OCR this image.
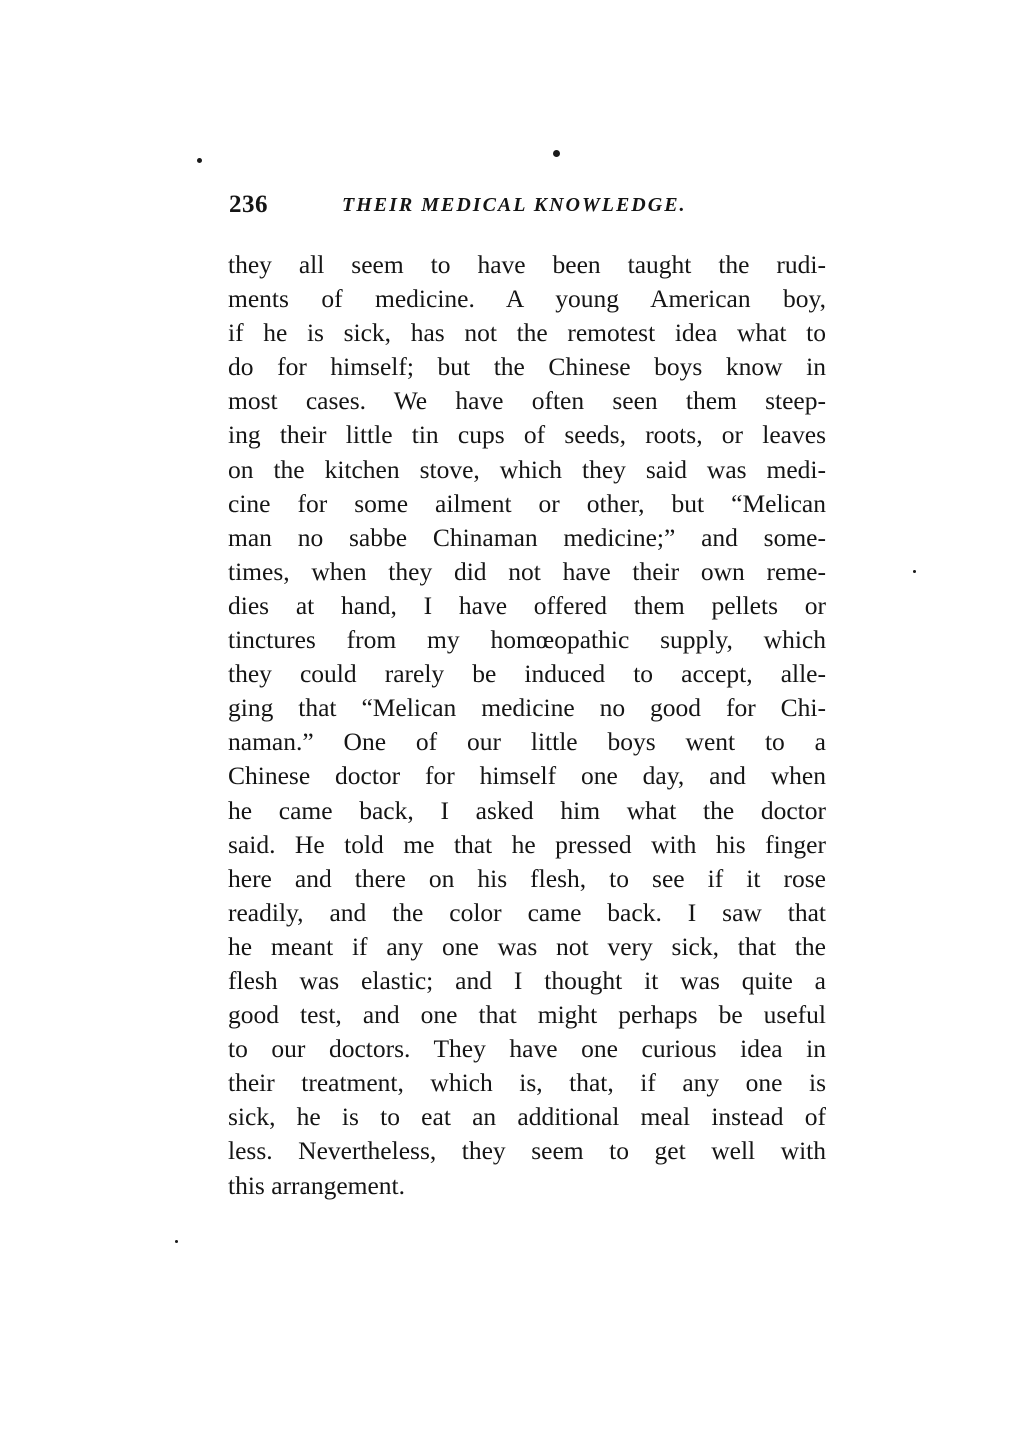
236	THEIR MEDICAL KNOWLEDGE.
they all seem to have been taught the rudi-
ments of medicine. A young American boy,
if he is sick, has not the remotest idea what to
do for himself; but the Chinese boys know in
most cases. We have often seen them steep-
ing their little tin cups of seeds, roots, or leaves
on the kitchen stove, which they said was medi-
cine for some ailment or other, but “Melican
man no sabbe Chinaman medicine;” and some-
times, when they did not have their own reme-
dies at hand, I have offered them pellets or
tinctures from my homœopathic supply, which
they could rarely be induced to accept, alle-
ging that “Melican medicine no good for Chi-
naman.” One of our little boys went to a
Chinese doctor for himself one day, and when
he came back, I asked him what the doctor
said. He told me that he pressed with his finger
here and there on his flesh, to see if it rose
readily, and the color came back. I saw that
he meant if any one was not very sick, that the
flesh was elastic; and I thought it was quite a
good test, and one that might perhaps be useful
to our doctors. They have one curious idea in
their treatment, which is, that, if any one is
sick, he is to eat an additional meal instead of
less. Nevertheless, they seem to get well with
this arrangement.
